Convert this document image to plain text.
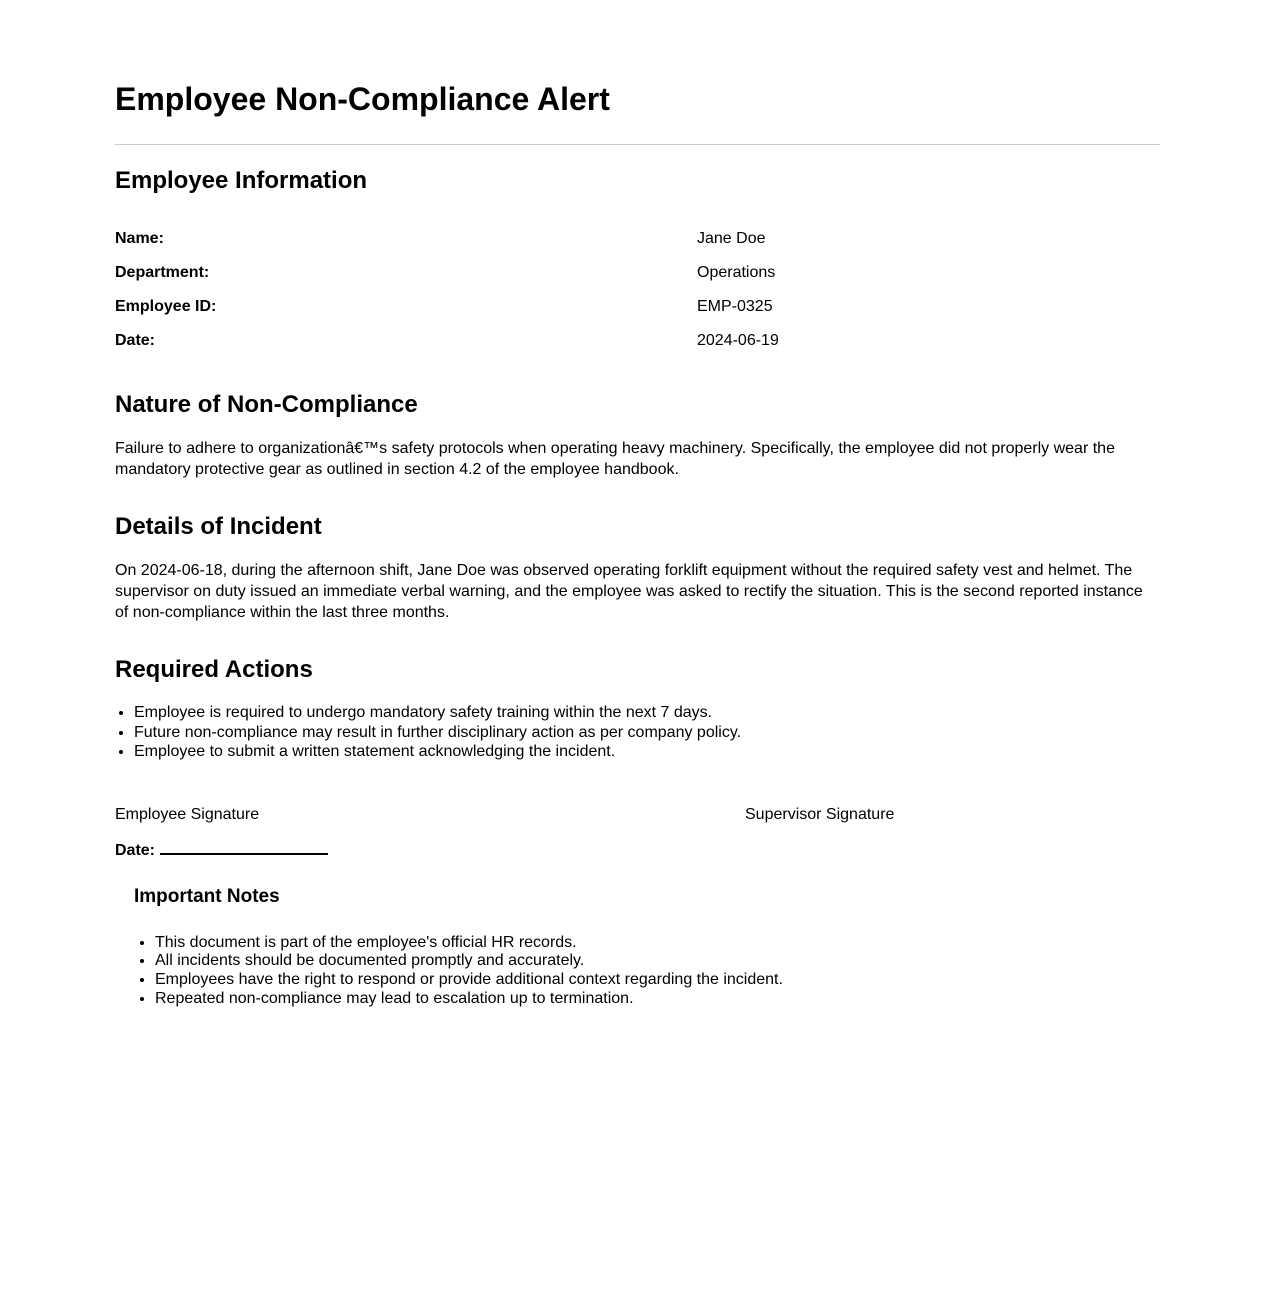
Employee Non-Compliance Alert
Employee Information
Name:	Jane Doe
Department:	Operations
Employee ID:	EMP-0325
Date:	2024-06-19
Nature of Non-Compliance

Failure to adhere to organizationâ€™s safety protocols when operating heavy machinery. Specifically, the employee did not properly wear the mandatory protective gear as outlined in section 4.2 of the employee handbook.

Details of Incident

On 2024-06-18, during the afternoon shift, Jane Doe was observed operating forklift equipment without the required safety vest and helmet. The supervisor on duty issued an immediate verbal warning, and the employee was asked to rectify the situation. This is the second reported instance of non-compliance within the last three months.

Required Actions
• Employee is required to undergo mandatory safety training within the next 7 days.
• Future non-compliance may result in further disciplinary action as per company policy.
• Employee to submit a written statement acknowledging the incident.
Employee Signature	Supervisor Signature
Date:
Important Notes
• This document is part of the employee's official HR records.
• All incidents should be documented promptly and accurately.
• Employees have the right to respond or provide additional context regarding the incident.
• Repeated non-compliance may lead to escalation up to termination.
